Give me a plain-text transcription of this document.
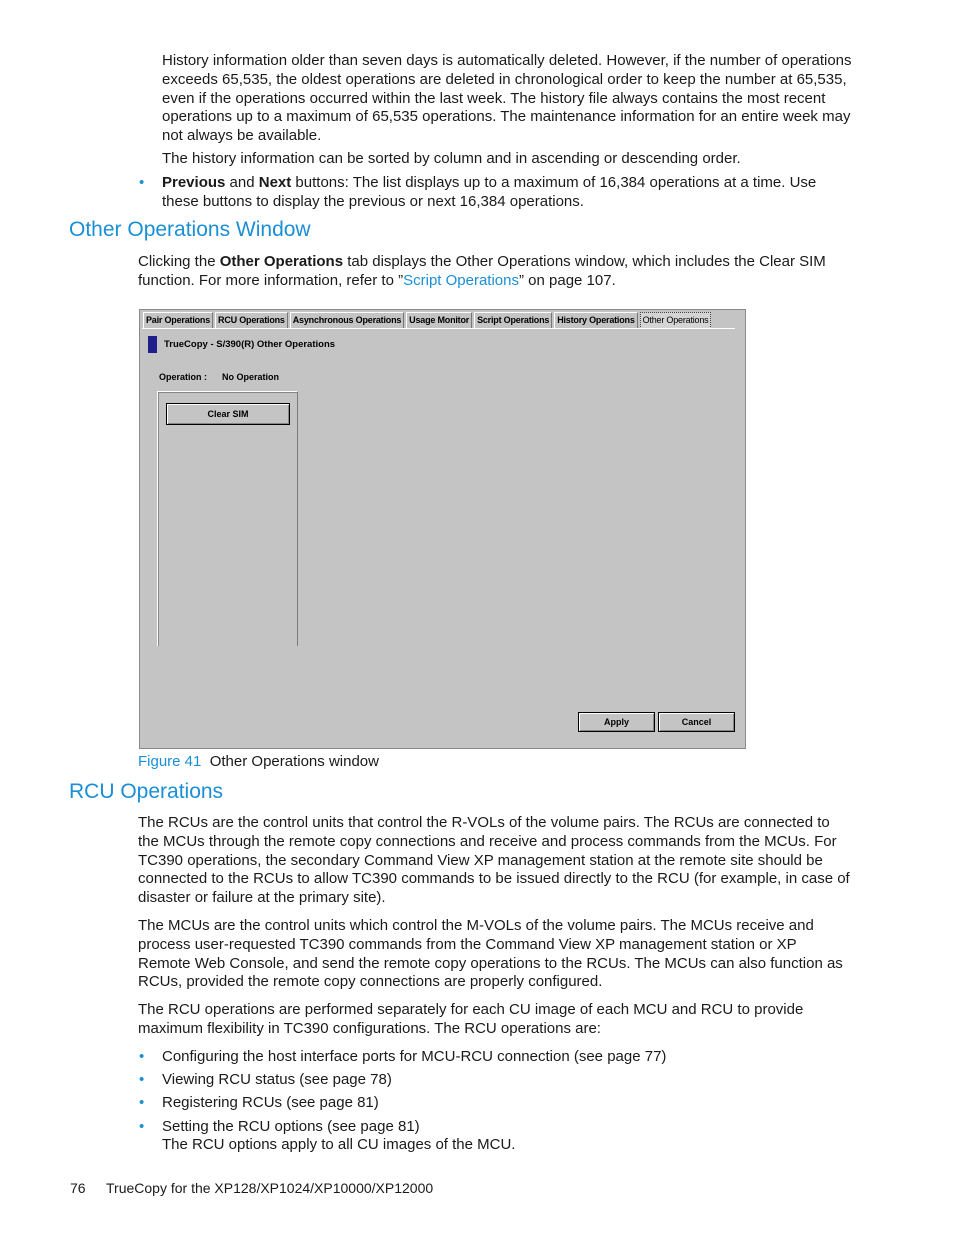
History information older than seven days is automatically deleted. However, if the number of operations exceeds 65,535, the oldest operations are deleted in chronological order to keep the number at 65,535, even if the operations occurred within the last week. The history file always contains the most recent operations up to a maximum of 65,535 operations. The maintenance information for an entire week may not always be available.

The history information can be sorted by column and in ascending or descending order.

• Previous and Next buttons: The list displays up to a maximum of 16,384 operations at a time. Use these buttons to display the previous or next 16,384 operations.

Other Operations Window

Clicking the Other Operations tab displays the Other Operations window, which includes the Clear SIM function. For more information, refer to ”Script Operations” on page 107.

Pair Operations RCU Operations Asynchronous Operations Usage Monitor Script Operations History Operations Other Operations
TrueCopy - S/390(R) Other Operations
Operation : No Operation
Clear SIM
Apply	Cancel

Figure 41 Other Operations window

RCU Operations

The RCUs are the control units that control the R-VOLs of the volume pairs. The RCUs are connected to the MCUs through the remote copy connections and receive and process commands from the MCUs. For TC390 operations, the secondary Command View XP management station at the remote site should be connected to the RCUs to allow TC390 commands to be issued directly to the RCU (for example, in case of disaster or failure at the primary site).

The MCUs are the control units which control the M-VOLs of the volume pairs. The MCUs receive and process user-requested TC390 commands from the Command View XP management station or XP Remote Web Console, and send the remote copy operations to the RCUs. The MCUs can also function as RCUs, provided the remote copy connections are properly configured.

The RCU operations are performed separately for each CU image of each MCU and RCU to provide maximum flexibility in TC390 configurations. The RCU operations are:

• Configuring the host interface ports for MCU-RCU connection (see page 77)

• Viewing RCU status (see page 78)

• Registering RCUs (see page 81)

• Setting the RCU options (see page 81)

The RCU options apply to all CU images of the MCU.

76 TrueCopy for the XP128/XP1024/XP10000/XP12000
